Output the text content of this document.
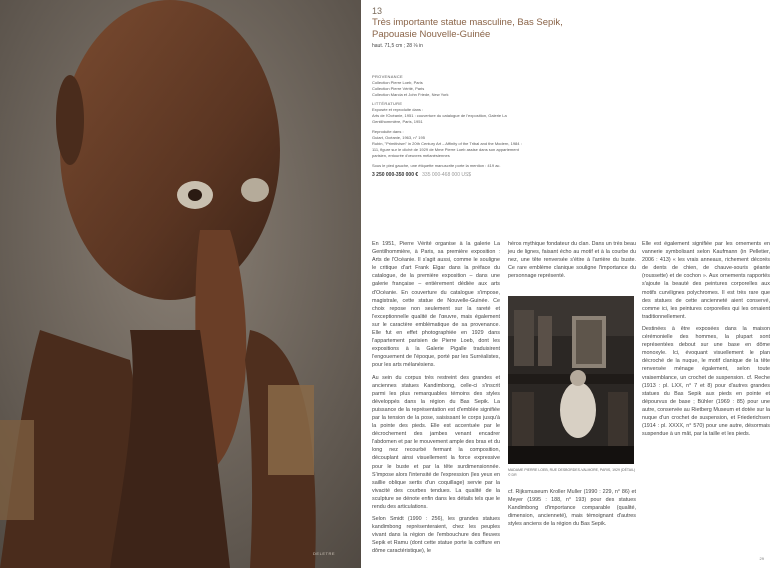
DELETRE
13
Très importante statue masculine, Bas Sepik,
Papouasie Nouvelle-Guinée
haut. 71,5 cm ; 28 ⅛ in
PROVENANCE
Collection Pierre Loeb, Paris
Collection Pierre Vérité, Paris
Collection Marcia et John Friede, New York
LITTÉRATURE
Exposée et reproduite dans :
Arts de l'Océanie, 1951 : couverture du catalogue de l'exposition, Galerie La Gentilhommière, Paris, 1951
Reproduite dans :
Guiart, Océanie, 1963, n° 195
Rubin, "Primitivism" in 20th Century Art – Affinity of the Tribal and the Modern, 1984 : 111, figure sur le cliché de 1929 de Mme Pierre Loeb assise dans son appartement parisien, entourée d'œuvres mélanésiennes
Sous le pied gauche, une étiquette manuscrite porte la mention : 419 ac.
3 250 000-350 000 € 335 000-468 000 US$

En 1951, Pierre Vérité organise à la galerie La Gentilhommière, à Paris, sa première exposition : Arts de l'Océanie. Il s'agit aussi, comme le souligne le critique d'art Frank Elgar dans la préface du catalogue, de la première exposition – dans une galerie française – entièrement dédiée aux arts d'Océanie. En couverture du catalogue s'impose, magistrale, cette statue de Nouvelle-Guinée. Ce choix repose non seulement sur la rareté et l'exceptionnelle qualité de l'œuvre, mais également sur le caractère emblématique de sa provenance. Elle fut en effet photographiée en 1929 dans l'appartement parisien de Pierre Loeb, dont les expositions à la Galerie Pigalle traduisirent l'engouement de l'époque, porté par les Surréalistes, pour les arts mélanésiens.

Au sein du corpus très restreint des grandes et anciennes statues Kandimbong, celle-ci s'inscrit parmi les plus remarquables témoins des styles développés dans la région du Bas Sepik. La puissance de la représentation est d'emblée signifiée par la tension de la pose, saisissant le corps jusqu'à la pointe des pieds. Elle est accentuée par le décrochement des jambes venant encadrer l'abdomen et par le mouvement ample des bras et du long nez recourbé fermant la composition, découplant ainsi visuellement la force expressive pour le buste et par la tête surdimensionnée. S'impose alors l'intensité de l'expression (les yeux en saillie oblique sertis d'un coquillage) servie par la vivacité des courbes tendues. La qualité de la sculpture se dénote enfin dans les détails tels que le rendu des articulations.

Selon Smidt (1990 : 256), les grandes statues kandimbong représenteraient, chez les peuples vivant dans la région de l'embouchure des fleuves Sepik et Ramu (dont cette statue porte la coiffure en dôme caractéristique), le

héros mythique fondateur du clan. Dans un très beau jeu de lignes, faisant écho au motif et à la courbe du nez, une tête renversée s'étire à l'arrière du buste. Ce rare emblème clanique souligne l'importance du personnage représenté.

MADAME PIERRE LOEB, RUE DESBORDES-VALMORE, PARIS, 1929 (DÉTAIL) © DR
cf. Rijksmuseum Kroller Muller (1990 : 229, n° 86) et Meyer (1995 : 188, n° 193) pour des statues Kandimbong d'importance comparable (qualité, dimension, ancienneté), mais témoignant d'autres styles anciens de la région du Bas Sepik.

Elle est également signifiée par les ornements en vannerie symbolisant selon Kaufmann (in Pelletier, 2006 : 413) « les vrais anneaux, richement décorés de dents de chien, de chauve-souris géante (roussette) et de cochon ». Aux ornements rapportés s'ajoute la beauté des peintures corporelles aux motifs curvilignes polychromes. Il est très rare que des statues de cette ancienneté aient conservé, comme ici, les peintures corporelles qui les ornaient traditionnellement.

Destinées à être exposées dans la maison cérémonielle des hommes, la plupart sont représentées debout sur une base en dôme monoxyle. Ici, évoquant visuellement le plan décroché de la nuque, le motif clanique de la tête renversée ménage également, selon toute vraisemblance, un crochet de suspension. cf. Reche (1913 : pl. LXX, n° 7 et 8) pour d'autres grandes statues du Bas Sepik aux pieds en pointe et dépourvus de base ; Bühler (1969 : 85) pour une autre, conservée au Rietberg Museum et dotée sur la nuque d'un crochet de suspension, et Friederichsen (1914 : pl. XXXX, n° 570) pour une autre, désormais suspendue à un mât, par la taille et les pieds.

29
